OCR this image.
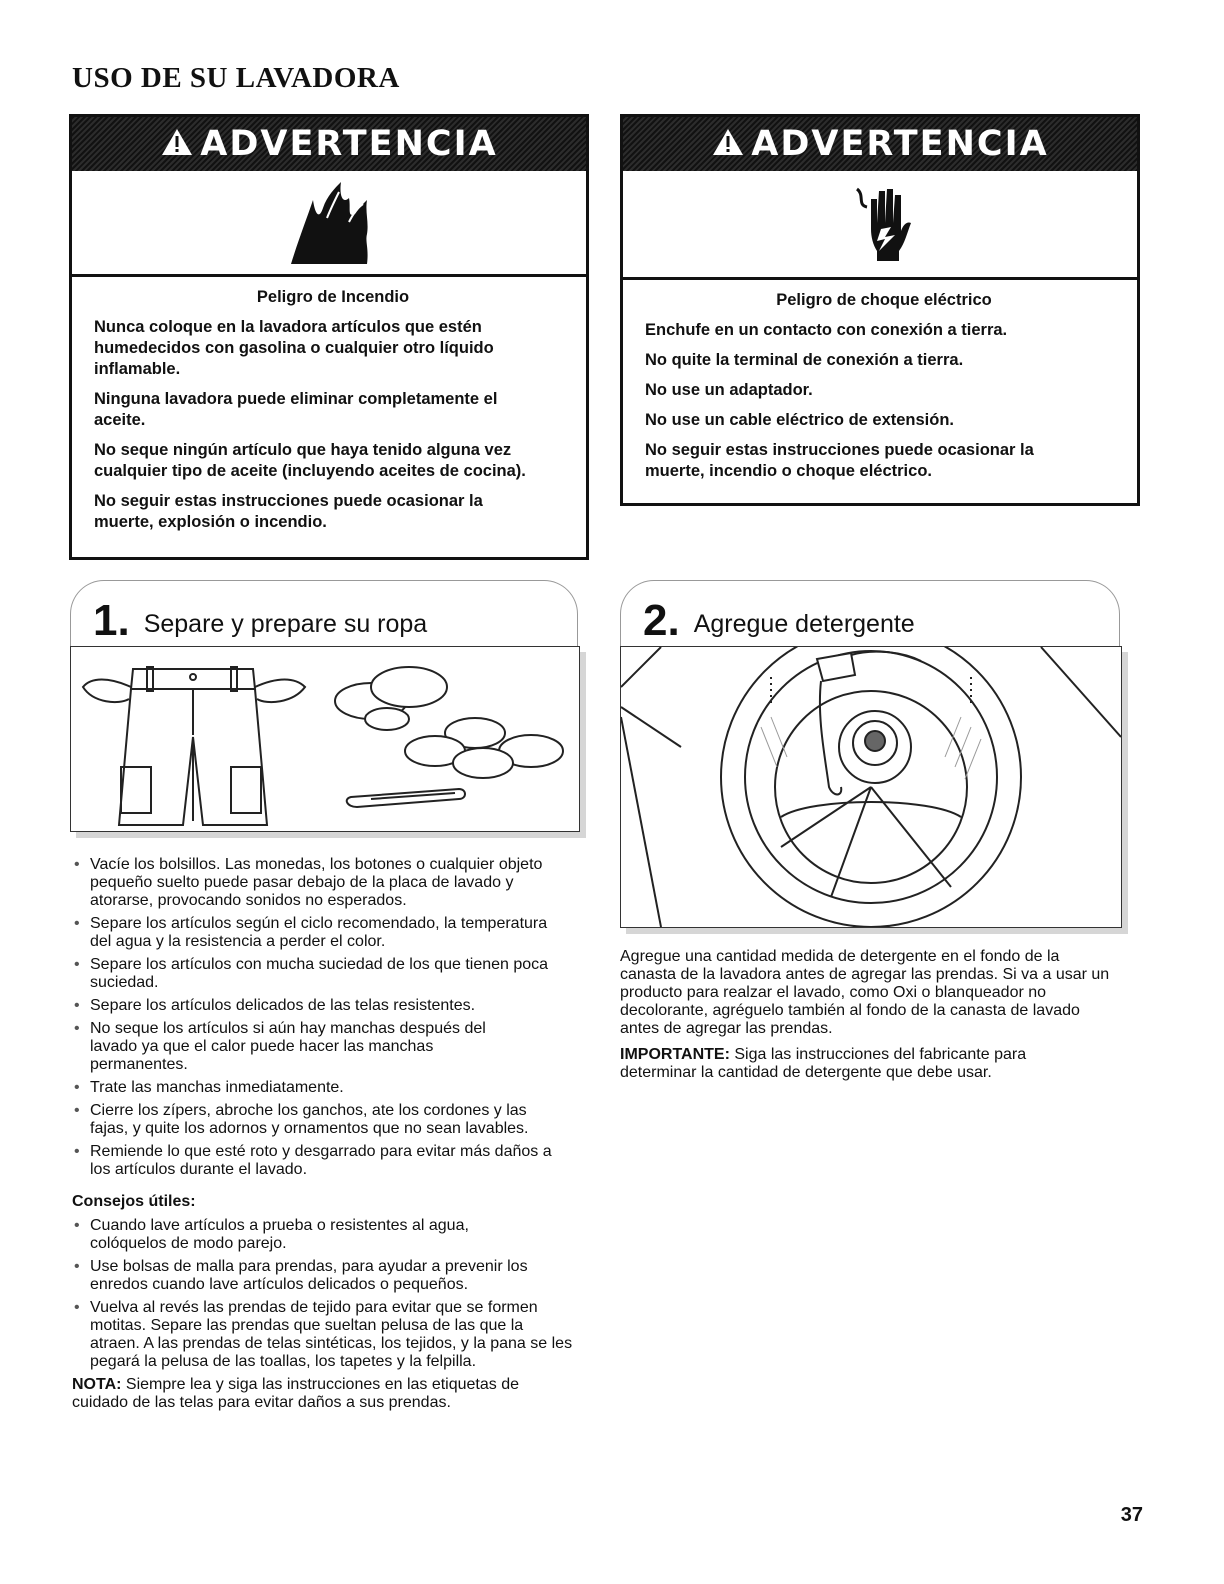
USO DE SU LAVADORA
ADVERTENCIA

Peligro de Incendio

Nunca coloque en la lavadora artículos que estén humedecidos con gasolina o cualquier otro líquido inflamable.

Ninguna lavadora puede eliminar completamente el aceite.

No seque ningún artículo que haya tenido alguna vez cualquier tipo de aceite (incluyendo aceites de cocina).

No seguir estas instrucciones puede ocasionar la muerte, explosión o incendio.

ADVERTENCIA

Peligro de choque eléctrico

Enchufe en un contacto con conexión a tierra.

No quite la terminal de conexión a tierra.

No use un adaptador.

No use un cable eléctrico de extensión.

No seguir estas instrucciones puede ocasionar la muerte, incendio o choque eléctrico.

1. Separe y prepare su ropa
• Vacíe los bolsillos. Las monedas, los botones o cualquier objeto pequeño suelto puede pasar debajo de la placa de lavado y atorarse, provocando sonidos no esperados.
• Separe los artículos según el ciclo recomendado, la temperatura del agua y la resistencia a perder el color.
• Separe los artículos con mucha suciedad de los que tienen poca suciedad.
• Separe los artículos delicados de las telas resistentes.
• No seque los artículos si aún hay manchas después del lavado ya que el calor puede hacer las manchas permanentes.
• Trate las manchas inmediatamente.
• Cierre los zípers, abroche los ganchos, ate los cordones y las fajas, y quite los adornos y ornamentos que no sean lavables.
• Remiende lo que esté roto y desgarrado para evitar más daños a los artículos durante el lavado.
Consejos útiles:
• Cuando lave artículos a prueba o resistentes al agua, colóquelos de modo parejo.
• Use bolsas de malla para prendas, para ayudar a prevenir los enredos cuando lave artículos delicados o pequeños.
• Vuelva al revés las prendas de tejido para evitar que se formen motitas. Separe las prendas que sueltan pelusa de las que la atraen. A las prendas de telas sintéticas, los tejidos, y la pana se les pegará la pelusa de las toallas, los tapetes y la felpilla.

NOTA: Siempre lea y siga las instrucciones en las etiquetas de cuidado de las telas para evitar daños a sus prendas.

2. Agregue detergente

Agregue una cantidad medida de detergente en el fondo de la canasta de la lavadora antes de agregar las prendas. Si va a usar un producto para realzar el lavado, como Oxi o blanqueador no decolorante, agréguelo también al fondo de la canasta de lavado antes de agregar las prendas.

IMPORTANTE: Siga las instrucciones del fabricante para determinar la cantidad de detergente que debe usar.

37
